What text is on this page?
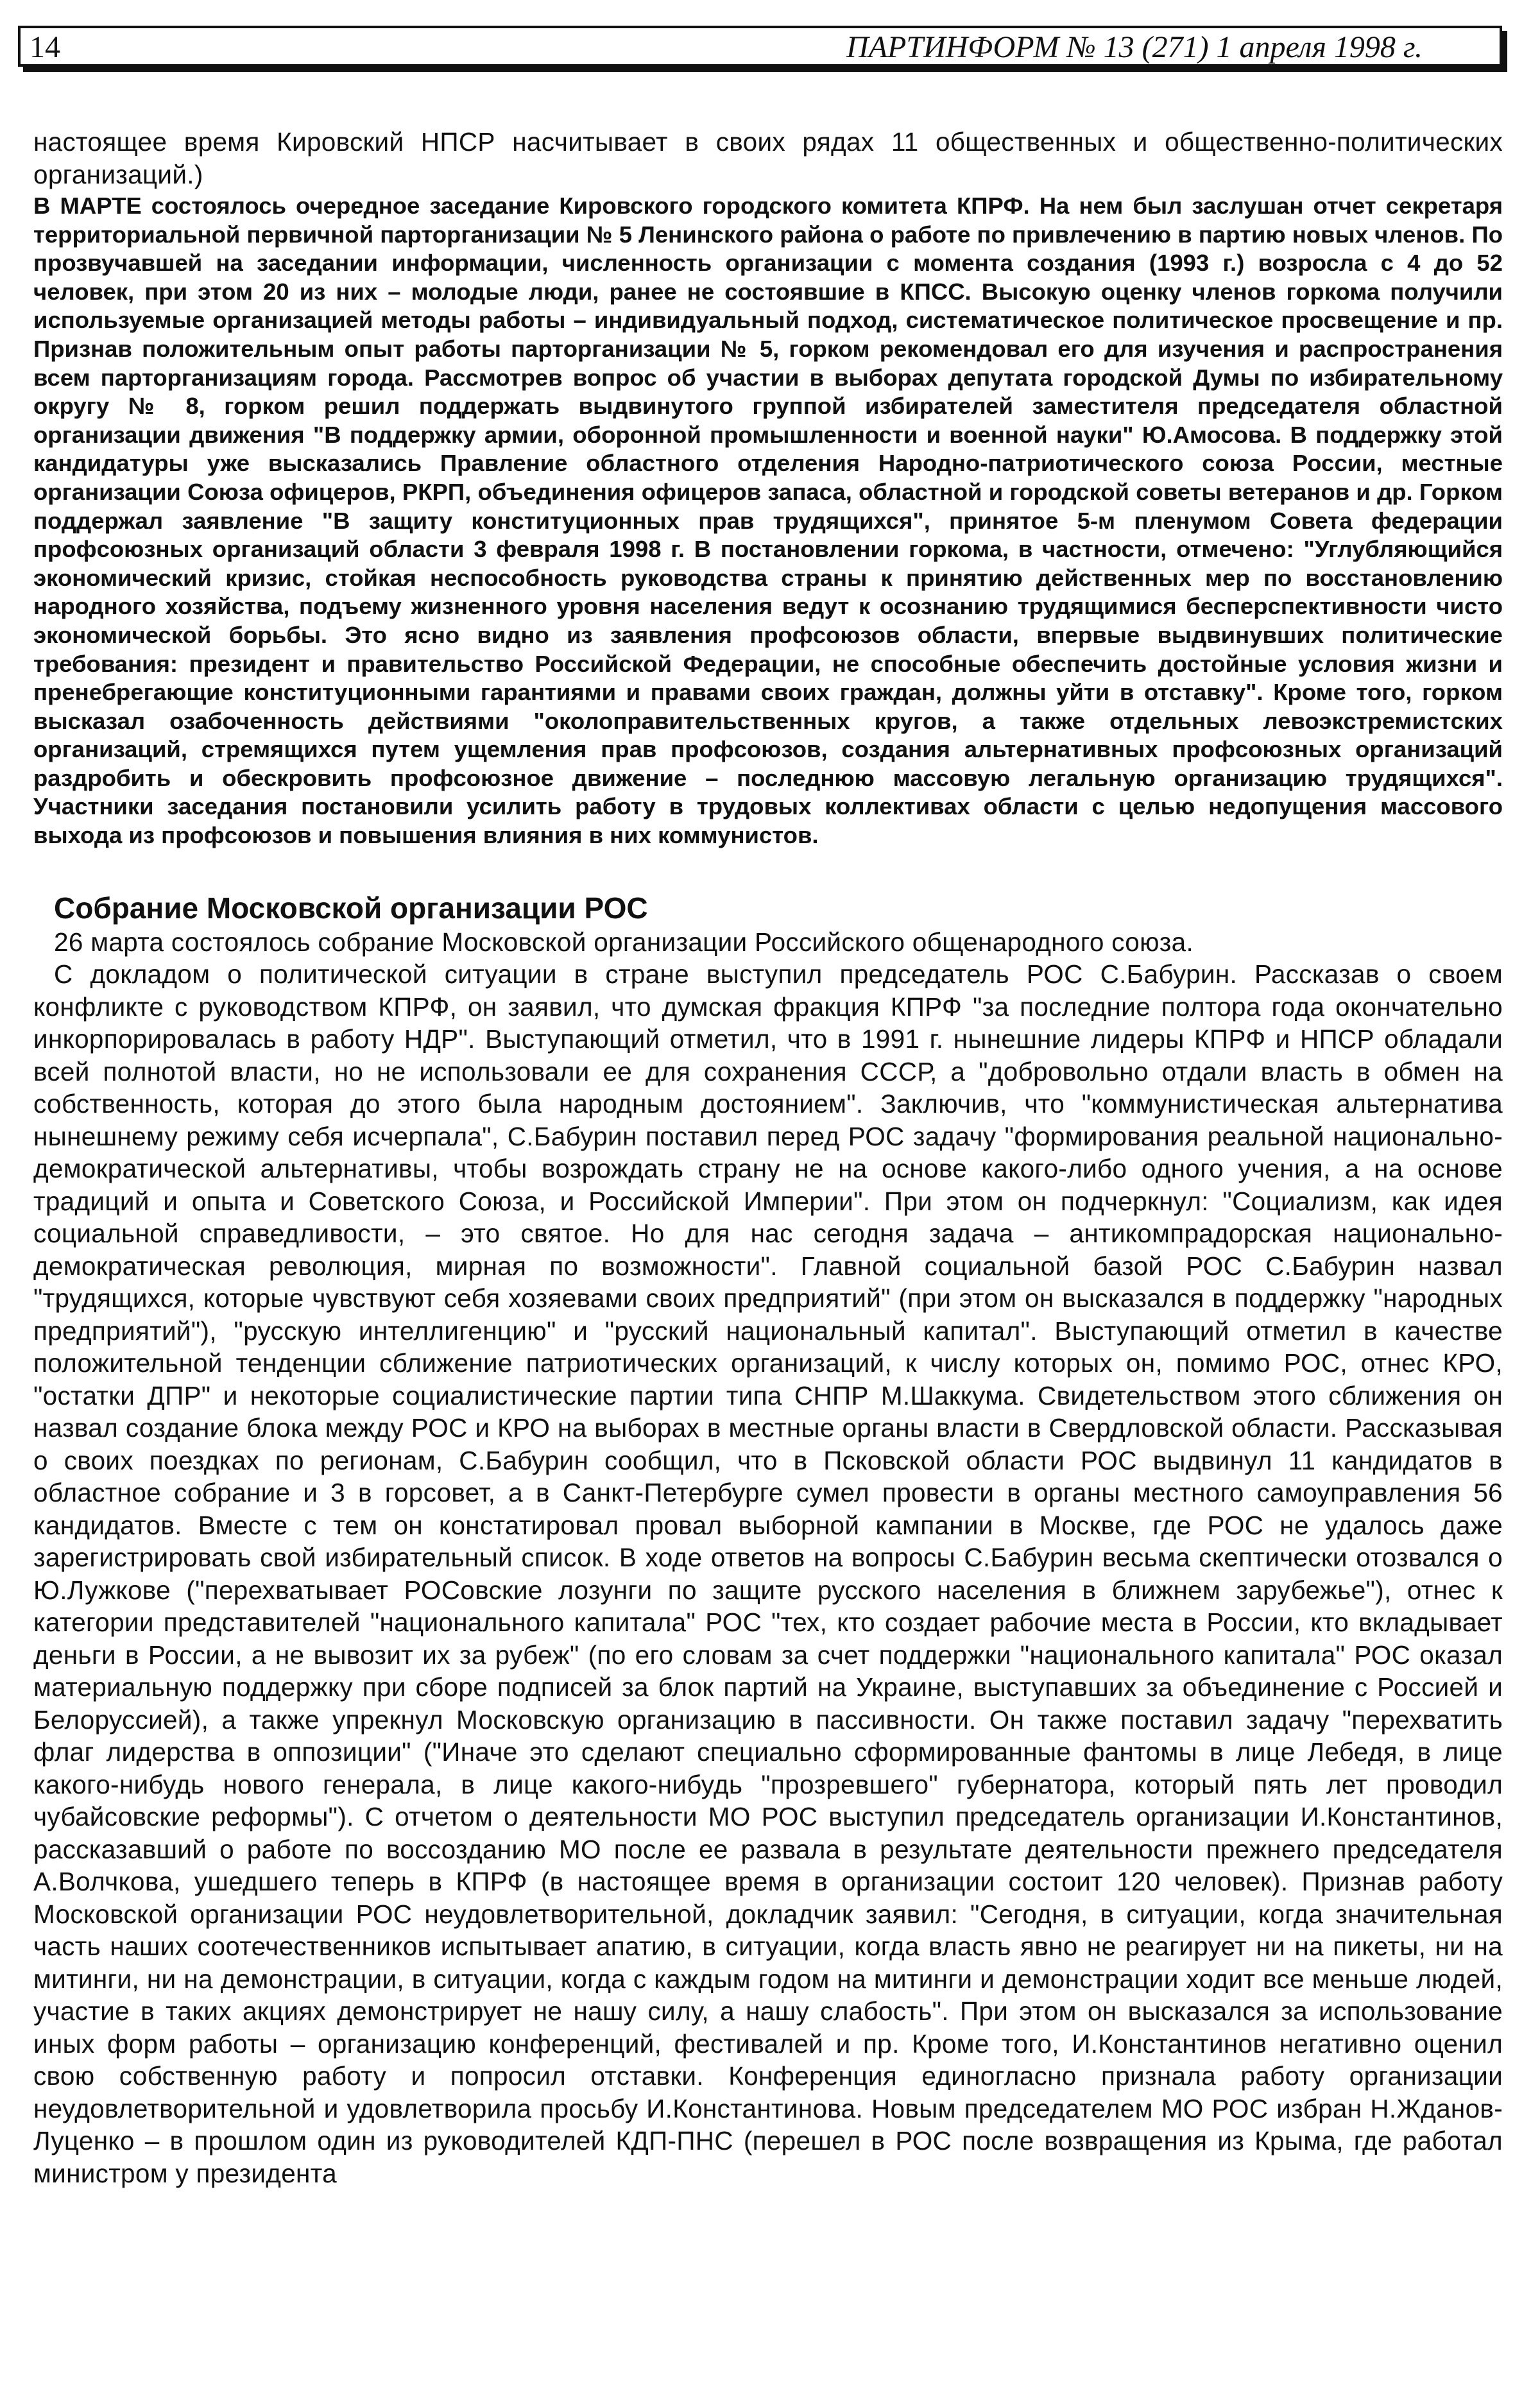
14	ПАРТИНФОРМ № 13 (271) 1 апреля 1998 г.

настоящее время Кировский НПСР насчитывает в своих рядах 11 общественных и общественно-политических организаций.)

В МАРТЕ состоялось очередное заседание Кировского городского комитета КПРФ. На нем был заслушан отчет секретаря территориальной первичной парторганизации № 5 Ленинского района о работе по привлечению в партию новых членов. По прозвучавшей на заседании информации, численность организации с момента создания (1993 г.) возросла с 4 до 52 человек, при этом 20 из них – молодые люди, ранее не состоявшие в КПСС. Высокую оценку членов горкома получили используемые организацией методы работы – индивидуальный подход, систематическое политическое просвещение и пр. Признав положительным опыт работы парторганизации № 5, горком рекомендовал его для изучения и распространения всем парторганизациям города. Рассмотрев вопрос об участии в выборах депутата городской Думы по избирательному округу № 8, горком решил поддержать выдвинутого группой избирателей заместителя председателя областной организации движения "В поддержку армии, оборонной промышленности и военной науки" Ю.Амосова. В поддержку этой кандидатуры уже высказались Правление областного отделения Народно-патриотического союза России, местные организации Союза офицеров, РКРП, объединения офицеров запаса, областной и городской советы ветеранов и др. Горком поддержал заявление "В защиту конституционных прав трудящихся", принятое 5-м пленумом Совета федерации профсоюзных организаций области 3 февраля 1998 г. В постановлении горкома, в частности, отмечено: "Углубляющийся экономический кризис, стойкая неспособность руководства страны к принятию действенных мер по восстановлению народного хозяйства, подъему жизненного уровня населения ведут к осознанию трудящимися бесперспективности чисто экономической борьбы. Это ясно видно из заявления профсоюзов области, впервые выдвинувших политические требования: президент и правительство Российской Федерации, не способные обеспечить достойные условия жизни и пренебрегающие конституционными гарантиями и правами своих граждан, должны уйти в отставку". Кроме того, горком высказал озабоченность действиями "околоправительственных кругов, а также отдельных левоэкстремистских организаций, стремящихся путем ущемления прав профсоюзов, создания альтернативных профсоюзных организаций раздробить и обескровить профсоюзное движение – последнюю массовую легальную организацию трудящихся". Участники заседания постановили усилить работу в трудовых коллективах области с целью недопущения массового выхода из профсоюзов и повышения влияния в них коммунистов.

Собрание Московской организации РОС

26 марта состоялось собрание Московской организации Российского общенародного союза.

С докладом о политической ситуации в стране выступил председатель РОС С.Бабурин. Рассказав о своем конфликте с руководством КПРФ, он заявил, что думская фракция КПРФ "за последние полтора года окончательно инкорпорировалась в работу НДР". Выступающий отметил, что в 1991 г. нынешние лидеры КПРФ и НПСР обладали всей полнотой власти, но не использовали ее для сохранения СССР, а "добровольно отдали власть в обмен на собственность, которая до этого была народным достоянием". Заключив, что "коммунистическая альтернатива нынешнему режиму себя исчерпала", С.Бабурин поставил перед РОС задачу "формирования реальной национально-демократической альтернативы, чтобы возрождать страну не на основе какого-либо одного учения, а на основе традиций и опыта и Советского Союза, и Российской Империи". При этом он подчеркнул: "Социализм, как идея социальной справедливости, – это святое. Но для нас сегодня задача – антикомпрадорская национально-демократическая революция, мирная по возможности". Главной социальной базой РОС С.Бабурин назвал "трудящихся, которые чувствуют себя хозяевами своих предприятий" (при этом он высказался в поддержку "народных предприятий"), "русскую интеллигенцию" и "русский национальный капитал". Выступающий отметил в качестве положительной тенденции сближение патриотических организаций, к числу которых он, помимо РОС, отнес КРО, "остатки ДПР" и некоторые социалистические партии типа СНПР М.Шаккума. Свидетельством этого сближения он назвал создание блока между РОС и КРО на выборах в местные органы власти в Свердловской области. Рассказывая о своих поездках по регионам, С.Бабурин сообщил, что в Псковской области РОС выдвинул 11 кандидатов в областное собрание и 3 в горсовет, а в Санкт-Петербурге сумел провести в органы местного самоуправления 56 кандидатов. Вместе с тем он констатировал провал выборной кампании в Москве, где РОС не удалось даже зарегистрировать свой избирательный список. В ходе ответов на вопросы С.Бабурин весьма скептически отозвался о Ю.Лужкове ("перехватывает РОСовские лозунги по защите русского населения в ближнем зарубежье"), отнес к категории представителей "национального капитала" РОС "тех, кто создает рабочие места в России, кто вкладывает деньги в России, а не вывозит их за рубеж" (по его словам за счет поддержки "национального капитала" РОС оказал материальную поддержку при сборе подписей за блок партий на Украине, выступавших за объединение с Россией и Белоруссией), а также упрекнул Московскую организацию в пассивности. Он также поставил задачу "перехватить флаг лидерства в оппозиции" ("Иначе это сделают специально сформированные фантомы в лице Лебедя, в лице какого-нибудь нового генерала, в лице какого-нибудь "прозревшего" губернатора, который пять лет проводил чубайсовские реформы"). С отчетом о деятельности МО РОС выступил председатель организации И.Константинов, рассказавший о работе по воссозданию МО после ее развала в результате деятельности прежнего председателя А.Волчкова, ушедшего теперь в КПРФ (в настоящее время в организации состоит 120 человек). Признав работу Московской организации РОС неудовлетворительной, докладчик заявил: "Сегодня, в ситуации, когда значительная часть наших соотечественников испытывает апатию, в ситуации, когда власть явно не реагирует ни на пикеты, ни на митинги, ни на демонстрации, в ситуации, когда с каждым годом на митинги и демонстрации ходит все меньше людей, участие в таких акциях демонстрирует не нашу силу, а нашу слабость". При этом он высказался за использование иных форм работы – организацию конференций, фестивалей и пр. Кроме того, И.Константинов негативно оценил свою собственную работу и попросил отставки. Конференция единогласно признала работу организации неудовлетворительной и удовлетворила просьбу И.Константинова. Новым председателем МО РОС избран Н.Жданов-Луценко – в прошлом один из руководителей КДП-ПНС (перешел в РОС после возвращения из Крыма, где работал министром у президента
